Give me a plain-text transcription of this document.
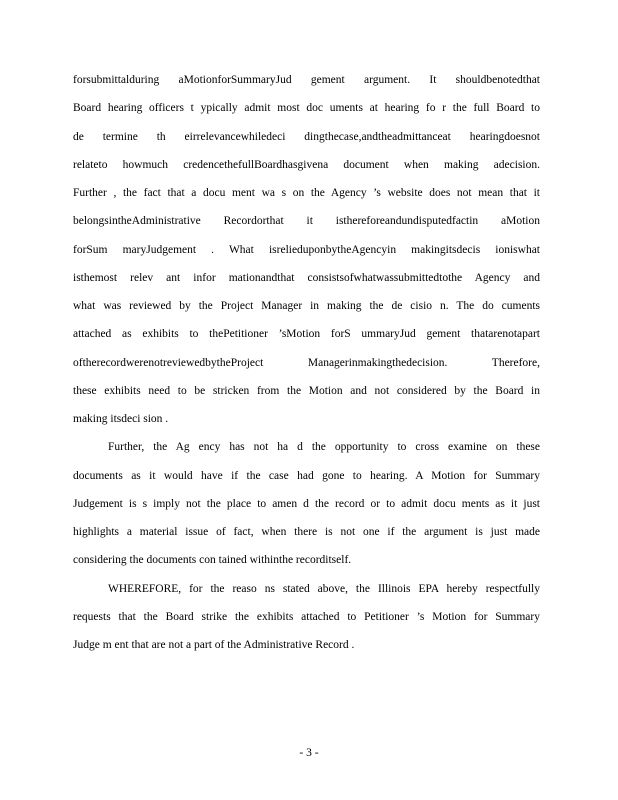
forsubmittalduring aMotionforSummaryJud gement argument. It shouldbenotedthat
Board hearing officers t ypically admit most doc uments at hearing fo r the full Board to
de termine th eirrelevancewhiledeci dingthecase,andtheadmittanceat hearingdoesnot
relateto howmuch credencethefullBoardhasgivena document when making adecision.
Further , the fact that a docu ment wa s on the Agency ’s website does not mean that it
belongsintheAdministrative Recordorthat it isthereforeandundisputedfactin aMotion
forSum maryJudgement . What isrelieduponbytheAgencyin makingitsdecis ioniswhat
isthemost relev ant infor mationandthat consistsofwhatwassubmittedtothe Agency and
what was reviewed by the Project Manager in making the de cisio n. The do cuments
attached as exhibits to thePetitioner ’sMotion forS ummaryJud gement thatarenotapart
oftherecordwerenotreviewedbytheProject Managerinmakingthedecision. Therefore,
these exhibits need to be stricken from the Motion and not considered by the Board in
making itsdeci sion .
Further, the Ag ency has not ha d the opportunity to cross examine on these
documents as it would have if the case had gone to hearing. A Motion for Summary
Judgement is s imply not the place to amen d the record or to admit docu ments as it just
highlights a material issue of fact, when there is not one if the argument is just made
considering the documents con tained withinthe recorditself.
WHEREFORE, for the reaso ns stated above, the Illinois EPA hereby respectfully
requests that the Board strike the exhibits attached to Petitioner ’s Motion for Summary
Judge m ent that are not a part of the Administrative Record .
- 3 -
